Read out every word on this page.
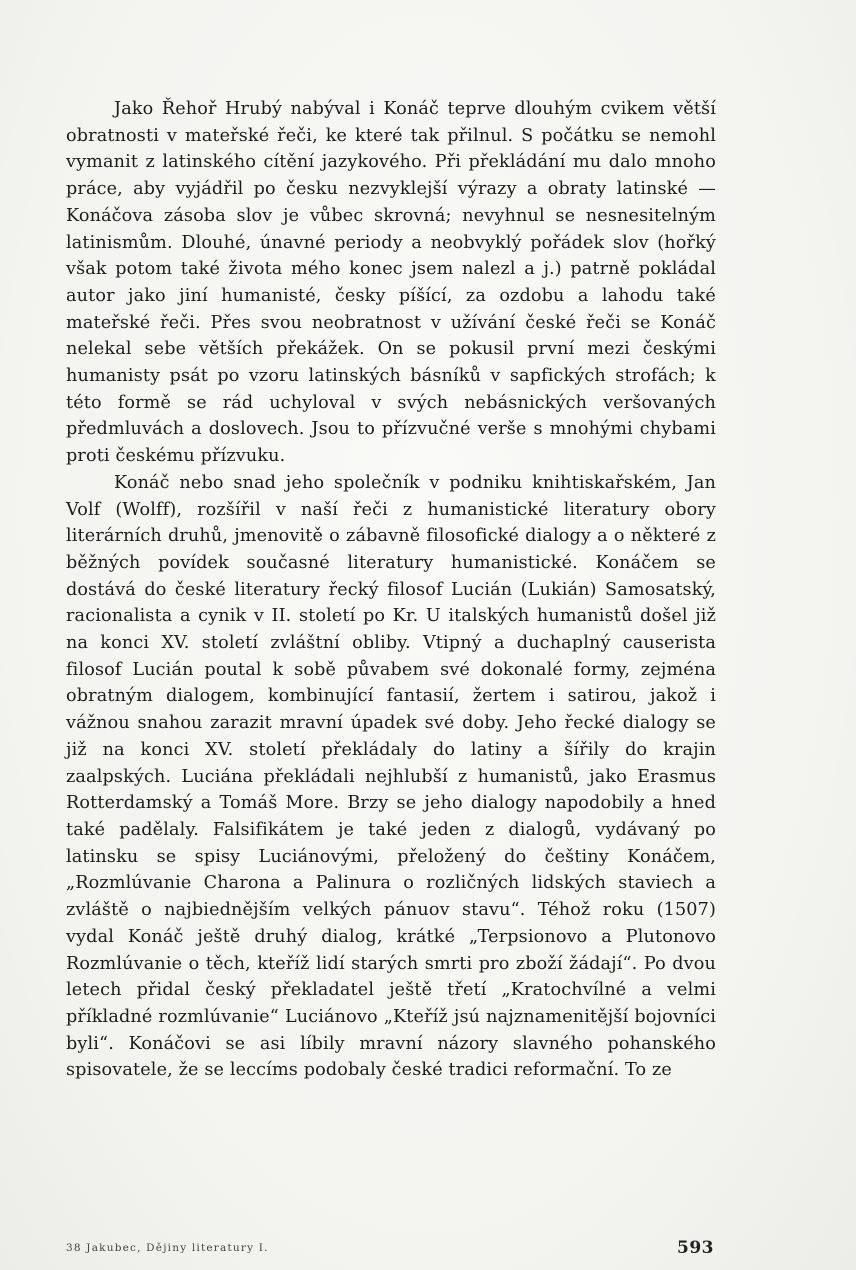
Jako Řehoř Hrubý nabýval i Konáč teprve dlouhým cvikem větší obratnosti v mateřské řeči, ke které tak přilnul. S počátku se nemohl vymanit z latinského cítění jazykového. Při překládání mu dalo mnoho práce, aby vyjádřil po česku nezvyklejší výrazy a obraty latinské — Konáčova zásoba slov je vůbec skrovná; nevyhnul se nesnesitelným latinismům. Dlouhé, únavné periody a neobvyklý pořádek slov (hořký však potom také života mého konec jsem nalezl a j.) patrně pokládal autor jako jiní humanisté, česky píšící, za ozdobu a lahodu také mateřské řeči. Přes svou neobratnost v užívání české řeči se Konáč nelekal sebe větších překážek. On se pokusil první mezi českými humanisty psát po vzoru latinských básníků v sapfických strofách; k této formě se rád uchyloval v svých nebásnických veršovaných předmluvách a doslovech. Jsou to přízvučné verše s mnohými chybami proti českému přízvuku.

Konáč nebo snad jeho společník v podniku knihtiskařském, Jan Volf (Wolff), rozšířil v naší řeči z humanistické literatury obory literárních druhů, jmenovitě o zábavně filosofické dialogy a o některé z běžných povídek současné literatury humanistické. Konáčem se dostává do české literatury řecký filosof Lucián (Lukián) Samosatský, racionalista a cynik v II. století po Kr. U italských humanistů došel již na konci XV. století zvláštní obliby. Vtipný a duchaplný causerista filosof Lucián poutal k sobě půvabem své dokonalé formy, zejména obratným dialogem, kombinující fantasií, žertem i satirou, jakož i vážnou snahou zarazit mravní úpadek své doby. Jeho řecké dialogy se již na konci XV. století překládaly do latiny a šířily do krajin zaalpských. Luciána překládali nejhlubší z humanistů, jako Erasmus Rotterdamský a Tomáš More. Brzy se jeho dialogy napodobily a hned také padělaly. Falsifikátem je také jeden z dialogů, vydávaný po latinsku se spisy Luciánovými, přeložený do češtiny Konáčem, „Rozmlúvanie Charona a Palinura o rozličných lidských staviech a zvláště o najbiednějším velkých pánuov stavu“. Téhož roku (1507) vydal Konáč ještě druhý dialog, krátké „Terpsionovo a Plutonovo Rozmlúvanie o těch, kteříž lidí starých smrti pro zboží žádají“. Po dvou letech přidal český překladatel ještě třetí „Kratochvílné a velmi příkladné rozmlúvanie“ Luciánovo „Kteříž jsú najznamenitější bojovníci byli“. Konáčovi se asi líbily mravní názory slavného pohanského spisovatele, že se leccíms podobaly české tradici reformační. To ze

38 Jakubec, Dějiny literatury I.	593
